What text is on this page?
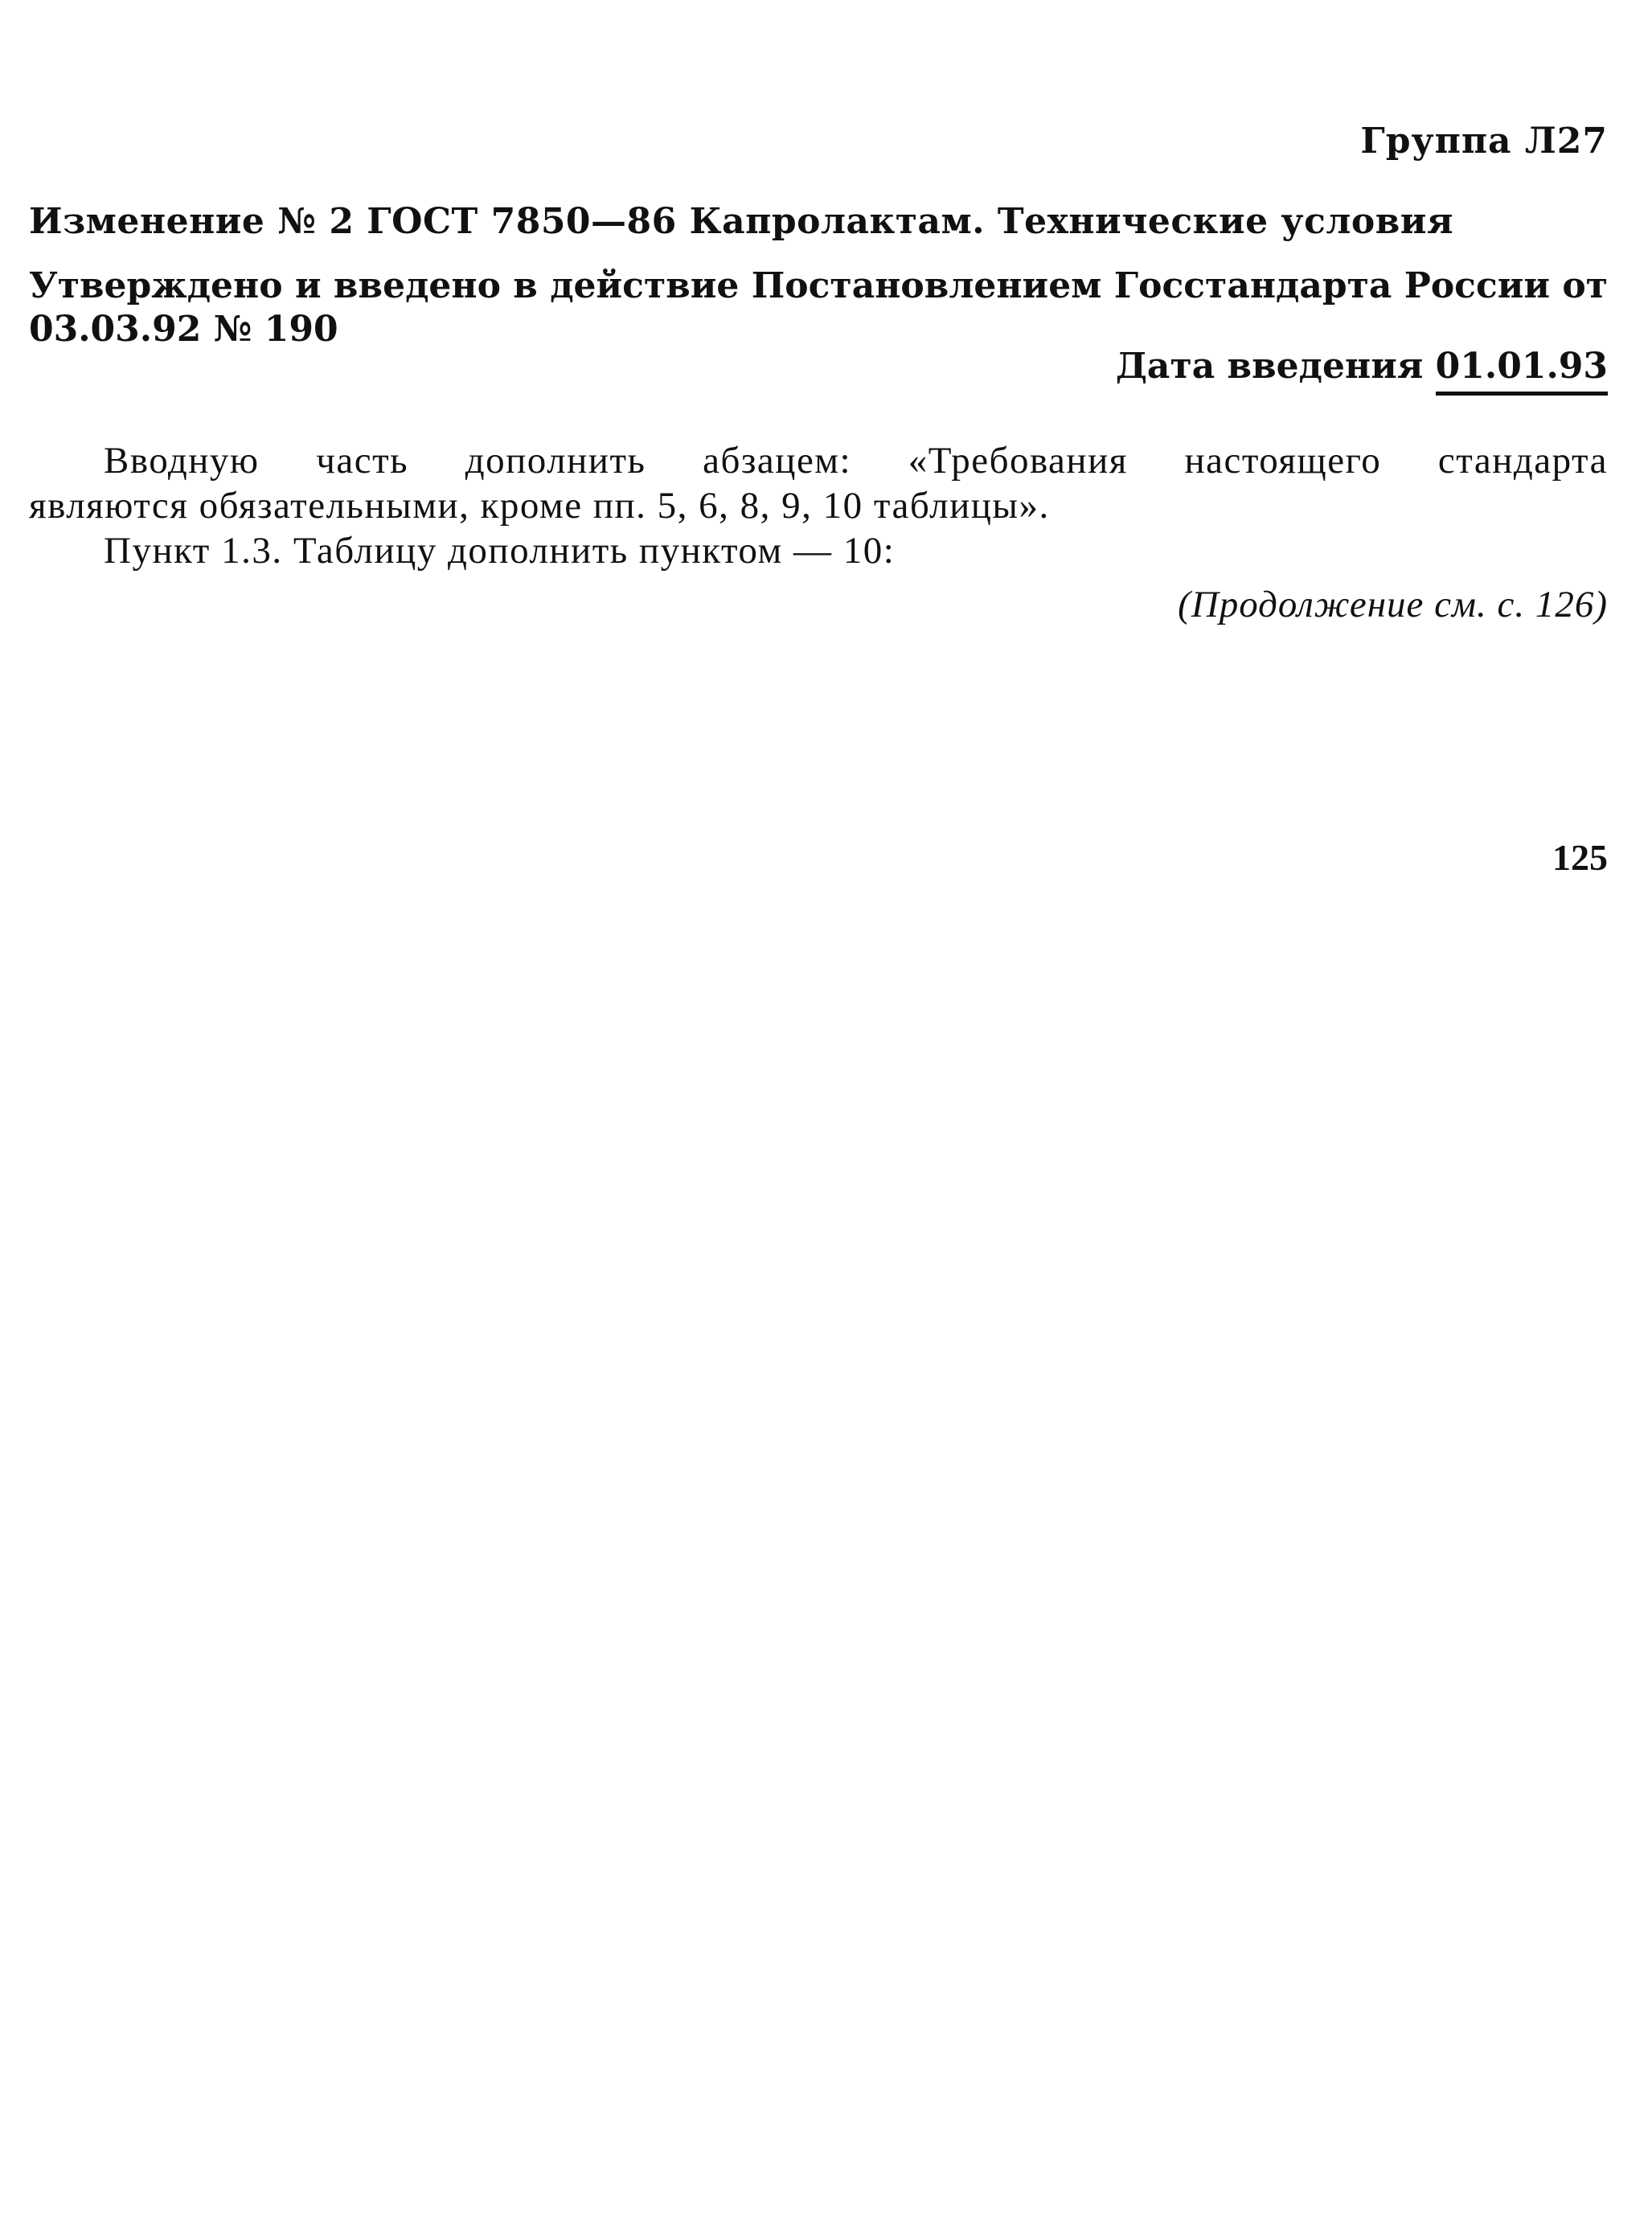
Группа Л27
Изменение № 2 ГОСТ 7850—86 Капролактам. Технические условия
Утверждено и введено в действие Постановлением Госстандарта России от
03.03.92 № 190
Дата введения 01.01.93
Вводную часть дополнить абзацем: «Требования настоящего стандарта
являются обязательными, кроме пп. 5, 6, 8, 9, 10 таблицы».
Пункт 1.3. Таблицу дополнить пунктом — 10:
(Продолжение см. с. 126)
125
